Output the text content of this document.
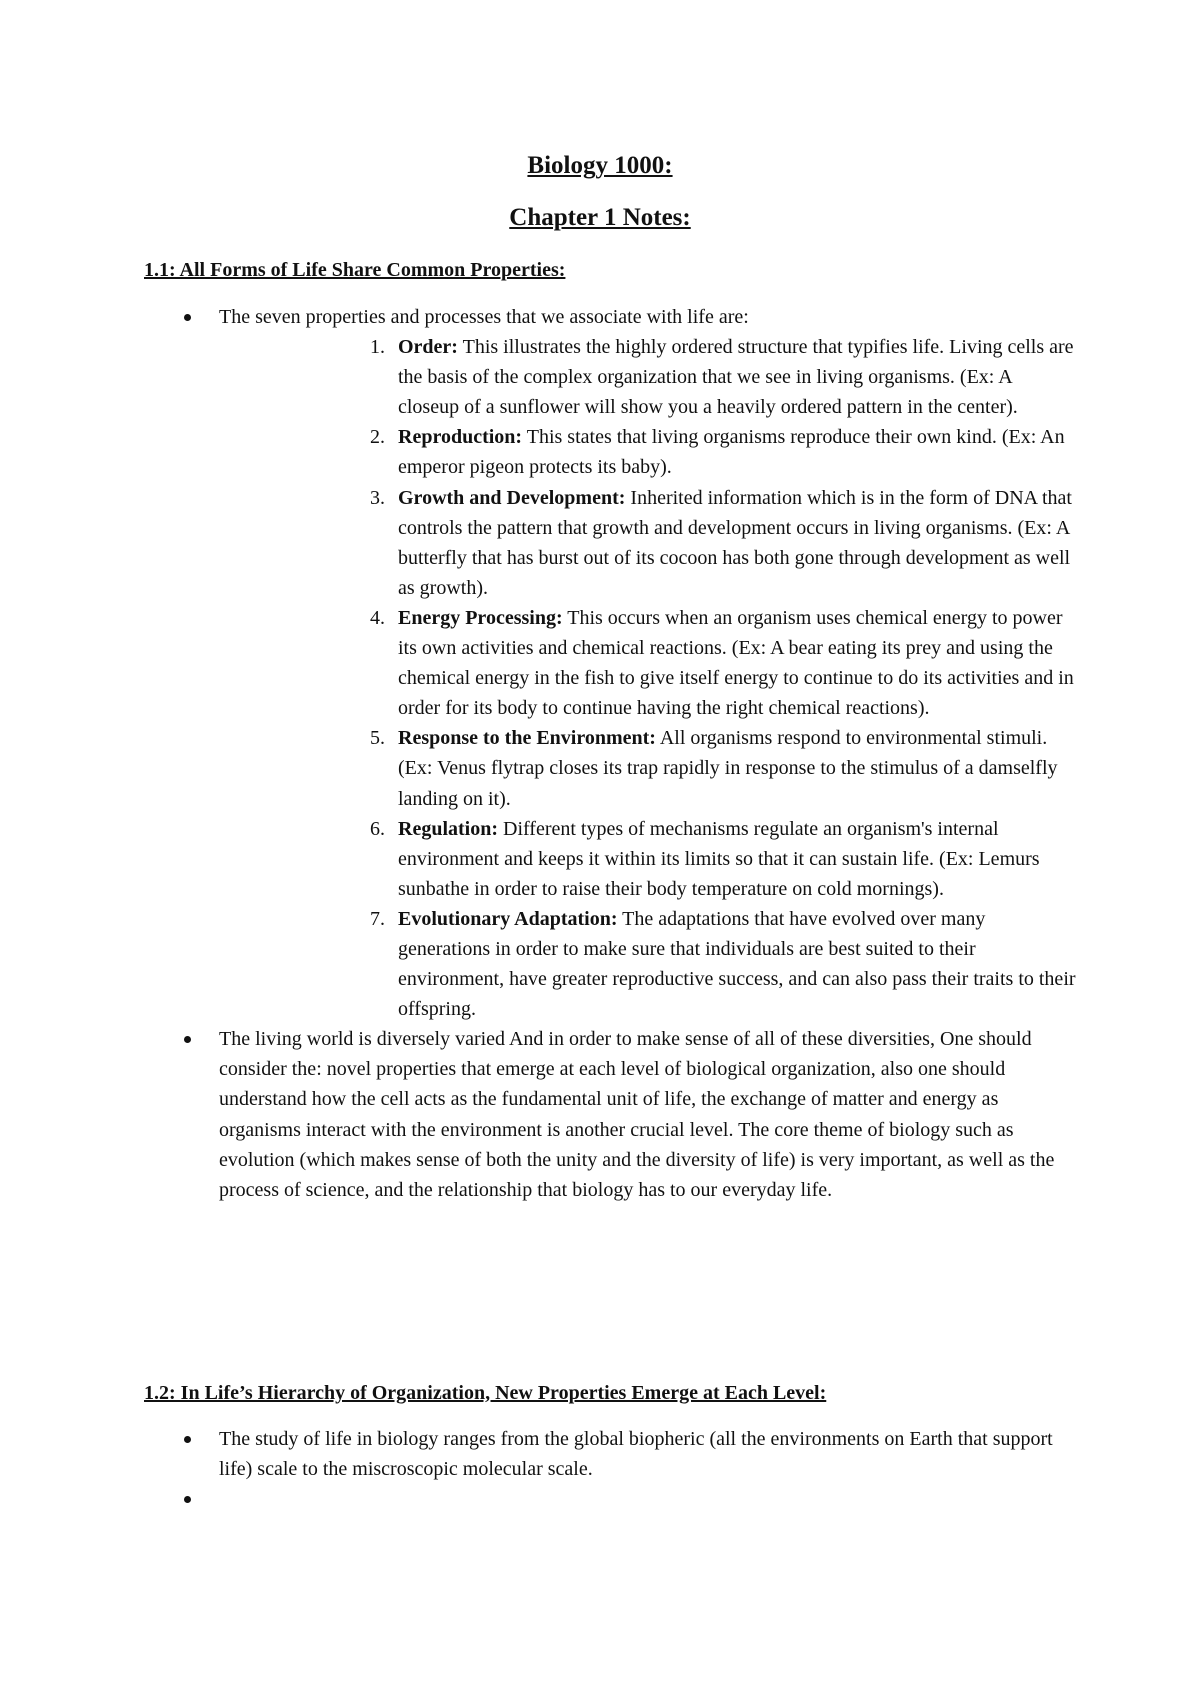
Biology 1000:
Chapter 1 Notes:
1.1: All Forms of Life Share Common Properties:
The seven properties and processes that we associate with life are:
1. Order: This illustrates the highly ordered structure that typifies life. Living cells are the basis of the complex organization that we see in living organisms. (Ex: A closeup of a sunflower will show you a heavily ordered pattern in the center).
2. Reproduction: This states that living organisms reproduce their own kind. (Ex: An emperor pigeon protects its baby).
3. Growth and Development: Inherited information which is in the form of DNA that controls the pattern that growth and development occurs in living organisms. (Ex: A butterfly that has burst out of its cocoon has both gone through development as well as growth).
4. Energy Processing: This occurs when an organism uses chemical energy to power its own activities and chemical reactions. (Ex: A bear eating its prey and using the chemical energy in the fish to give itself energy to continue to do its activities and in order for its body to continue having the right chemical reactions).
5. Response to the Environment: All organisms respond to environmental stimuli. (Ex: Venus flytrap closes its trap rapidly in response to the stimulus of a damselfly landing on it).
6. Regulation: Different types of mechanisms regulate an organism's internal environment and keeps it within its limits so that it can sustain life. (Ex: Lemurs sunbathe in order to raise their body temperature on cold mornings).
7. Evolutionary Adaptation: The adaptations that have evolved over many generations in order to make sure that individuals are best suited to their environment, have greater reproductive success, and can also pass their traits to their offspring.
The living world is diversely varied And in order to make sense of all of these diversities, One should consider the: novel properties that emerge at each level of biological organization, also one should understand how the cell acts as the fundamental unit of life, the exchange of matter and energy as organisms interact with the environment is another crucial level. The core theme of biology such as evolution (which makes sense of both the unity and the diversity of life) is very important, as well as the process of science, and the relationship that biology has to our everyday life.
1.2: In Life’s Hierarchy of Organization, New Properties Emerge at Each Level:
The study of life in biology ranges from the global biopheric (all the environments on Earth that support life) scale to the miscroscopic molecular scale.
